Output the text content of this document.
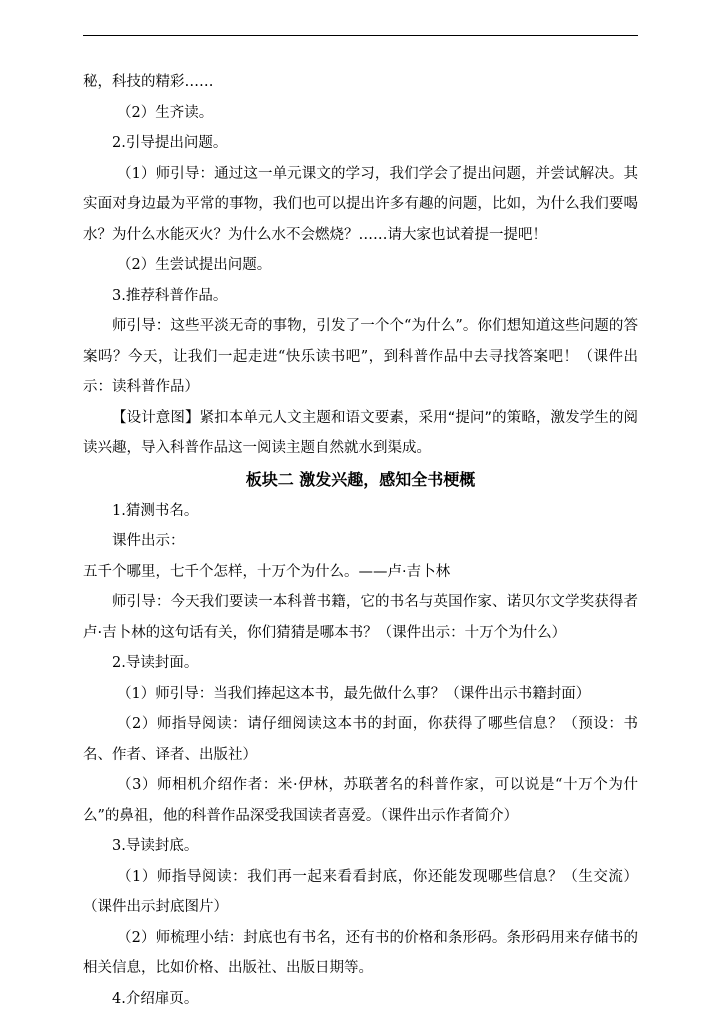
秘，科技的精彩……

（2）生齐读。

2.引导提出问题。

（1）师引导：通过这一单元课文的学习，我们学会了提出问题，并尝试解决。其实面对身边最为平常的事物，我们也可以提出许多有趣的问题，比如，为什么我们要喝水？为什么水能灭火？为什么水不会燃烧？……请大家也试着提一提吧！

（2）生尝试提出问题。

3.推荐科普作品。

师引导：这些平淡无奇的事物，引发了一个个“为什么”。你们想知道这些问题的答案吗？今天，让我们一起走进“快乐读书吧”，到科普作品中去寻找答案吧！（课件出示：读科普作品）

【设计意图】紧扣本单元人文主题和语文要素，采用“提问”的策略，激发学生的阅读兴趣，导入科普作品这一阅读主题自然就水到渠成。

板块二 激发兴趣，感知全书梗概

1.猜测书名。

课件出示：

五千个哪里，七千个怎样，十万个为什么。——卢·吉卜林

师引导：今天我们要读一本科普书籍，它的书名与英国作家、诺贝尔文学奖获得者卢·吉卜林的这句话有关，你们猜猜是哪本书？（课件出示：十万个为什么）

2.导读封面。

（1）师引导：当我们捧起这本书，最先做什么事？（课件出示书籍封面）

（2）师指导阅读：请仔细阅读这本书的封面，你获得了哪些信息？（预设：书名、作者、译者、出版社）

（3）师相机介绍作者：米·伊林，苏联著名的科普作家，可以说是“十万个为什么”的鼻祖，他的科普作品深受我国读者喜爱。（课件出示作者简介）

3.导读封底。

（1）师指导阅读：我们再一起来看看封底，你还能发现哪些信息？（生交流）（课件出示封底图片）

（2）师梳理小结：封底也有书名，还有书的价格和条形码。条形码用来存储书的相关信息，比如价格、出版社、出版日期等。

4.介绍扉页。
